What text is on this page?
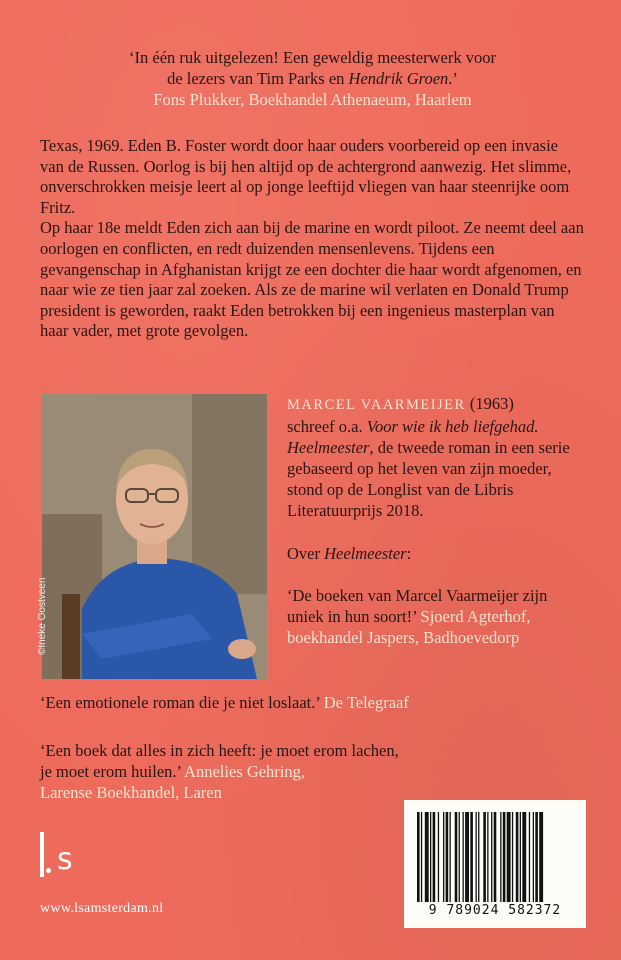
‘In één ruk uitgelezen! Een geweldig meesterwerk voor
de lezers van Tim Parks en Hendrik Groen.’
Fons Plukker, Boekhandel Athenaeum, Haarlem

Texas, 1969. Eden B. Foster wordt door haar ouders voorbereid op een invasie van de Russen. Oorlog is bij hen altijd op de achtergrond aanwezig. Het slimme, onverschrokken meisje leert al op jonge leeftijd vliegen van haar steenrijke oom Fritz.

Op haar 18e meldt Eden zich aan bij de marine en wordt piloot. Ze neemt deel aan oorlogen en conflicten, en redt duizenden mensenlevens. Tijdens een gevangenschap in Afghanistan krijgt ze een dochter die haar wordt afgenomen, en naar wie ze tien jaar zal zoeken. Als ze de marine wil verlaten en Donald Trump president is geworden, raakt Eden betrokken bij een ingenieus masterplan van haar vader, met grote gevolgen.

©Ineke Oostveen

MARCEL VAARMEIJER (1963)
schreef o.a. Voor wie ik heb liefgehad. Heelmeester, de tweede roman in een serie gebaseerd op het leven van zijn moeder, stond op de Longlist van de Libris Literatuurprijs 2018.

Over Heelmeester:

‘De boeken van Marcel Vaarmeijer zijn uniek in hun soort!’ Sjoerd Agterhof, boekhandel Jaspers, Badhoevedorp

‘Een emotionele roman die je niet loslaat.’ De Telegraaf
‘Een boek dat alles in zich heeft: je moet erom lachen,
je moet erom huilen.’ Annelies Gehring,
Larense Boekhandel, Laren
s
www.lsamsterdam.nl	9 789024 582372
